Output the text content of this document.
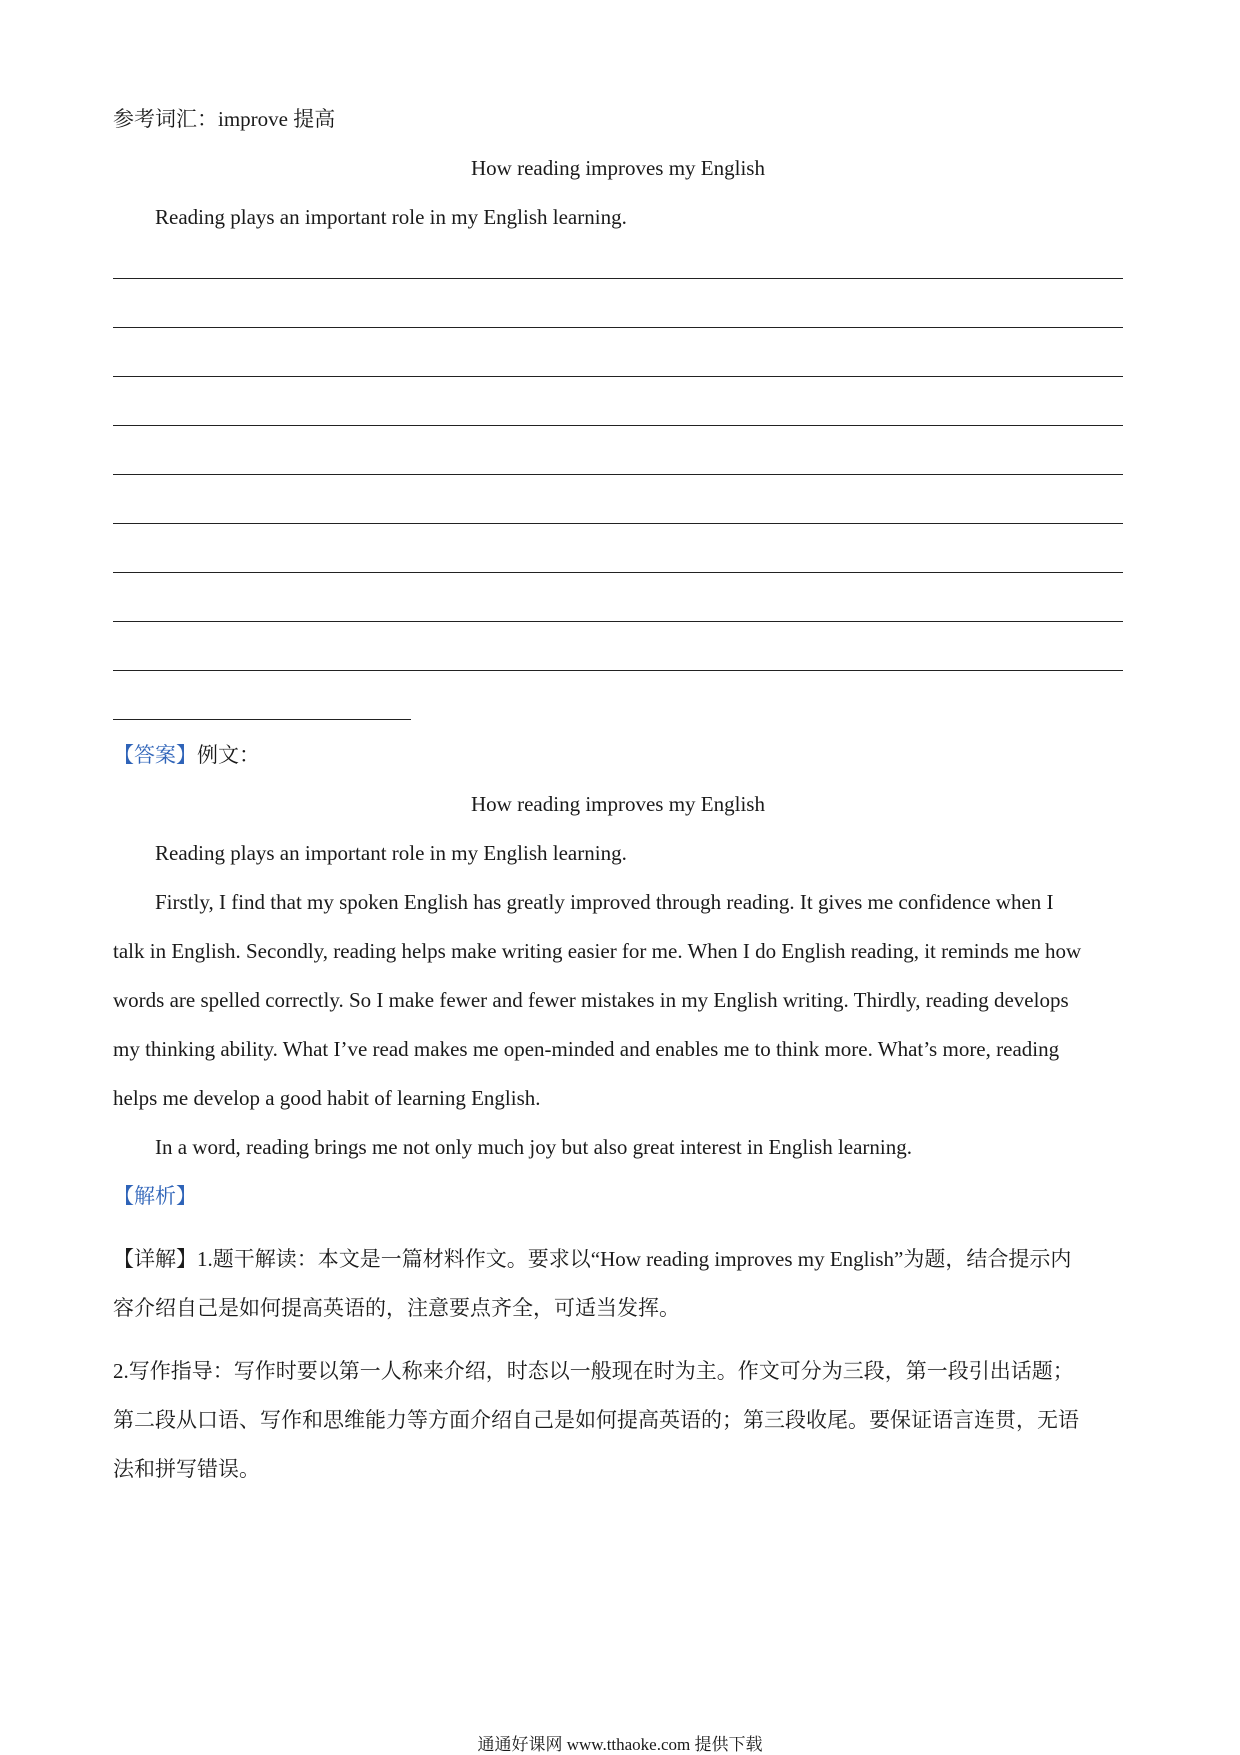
参考词汇：improve 提高
How reading improves my English
Reading plays an important role in my English learning.
【答案】例文：
How reading improves my English
Reading plays an important role in my English learning.
Firstly, I find that my spoken English has greatly improved through reading. It gives me confidence when I
talk in English. Secondly, reading helps make writing easier for me. When I do English reading, it reminds me how
words are spelled correctly. So I make fewer and fewer mistakes in my English writing. Thirdly, reading develops
my thinking ability. What I’ve read makes me open-minded and enables me to think more. What’s more, reading
helps me develop a good habit of learning English.
In a word, reading brings me not only much joy but also great interest in English learning.
【解析】
【详解】1.题干解读：本文是一篇材料作文。要求以“How reading improves my English”为题，结合提示内
容介绍自己是如何提高英语的，注意要点齐全，可适当发挥。
2.写作指导：写作时要以第一人称来介绍，时态以一般现在时为主。作文可分为三段，第一段引出话题；
第二段从口语、写作和思维能力等方面介绍自己是如何提高英语的；第三段收尾。要保证语言连贯，无语
法和拼写错误。
通通好课网 www.tthaoke.com 提供下载
